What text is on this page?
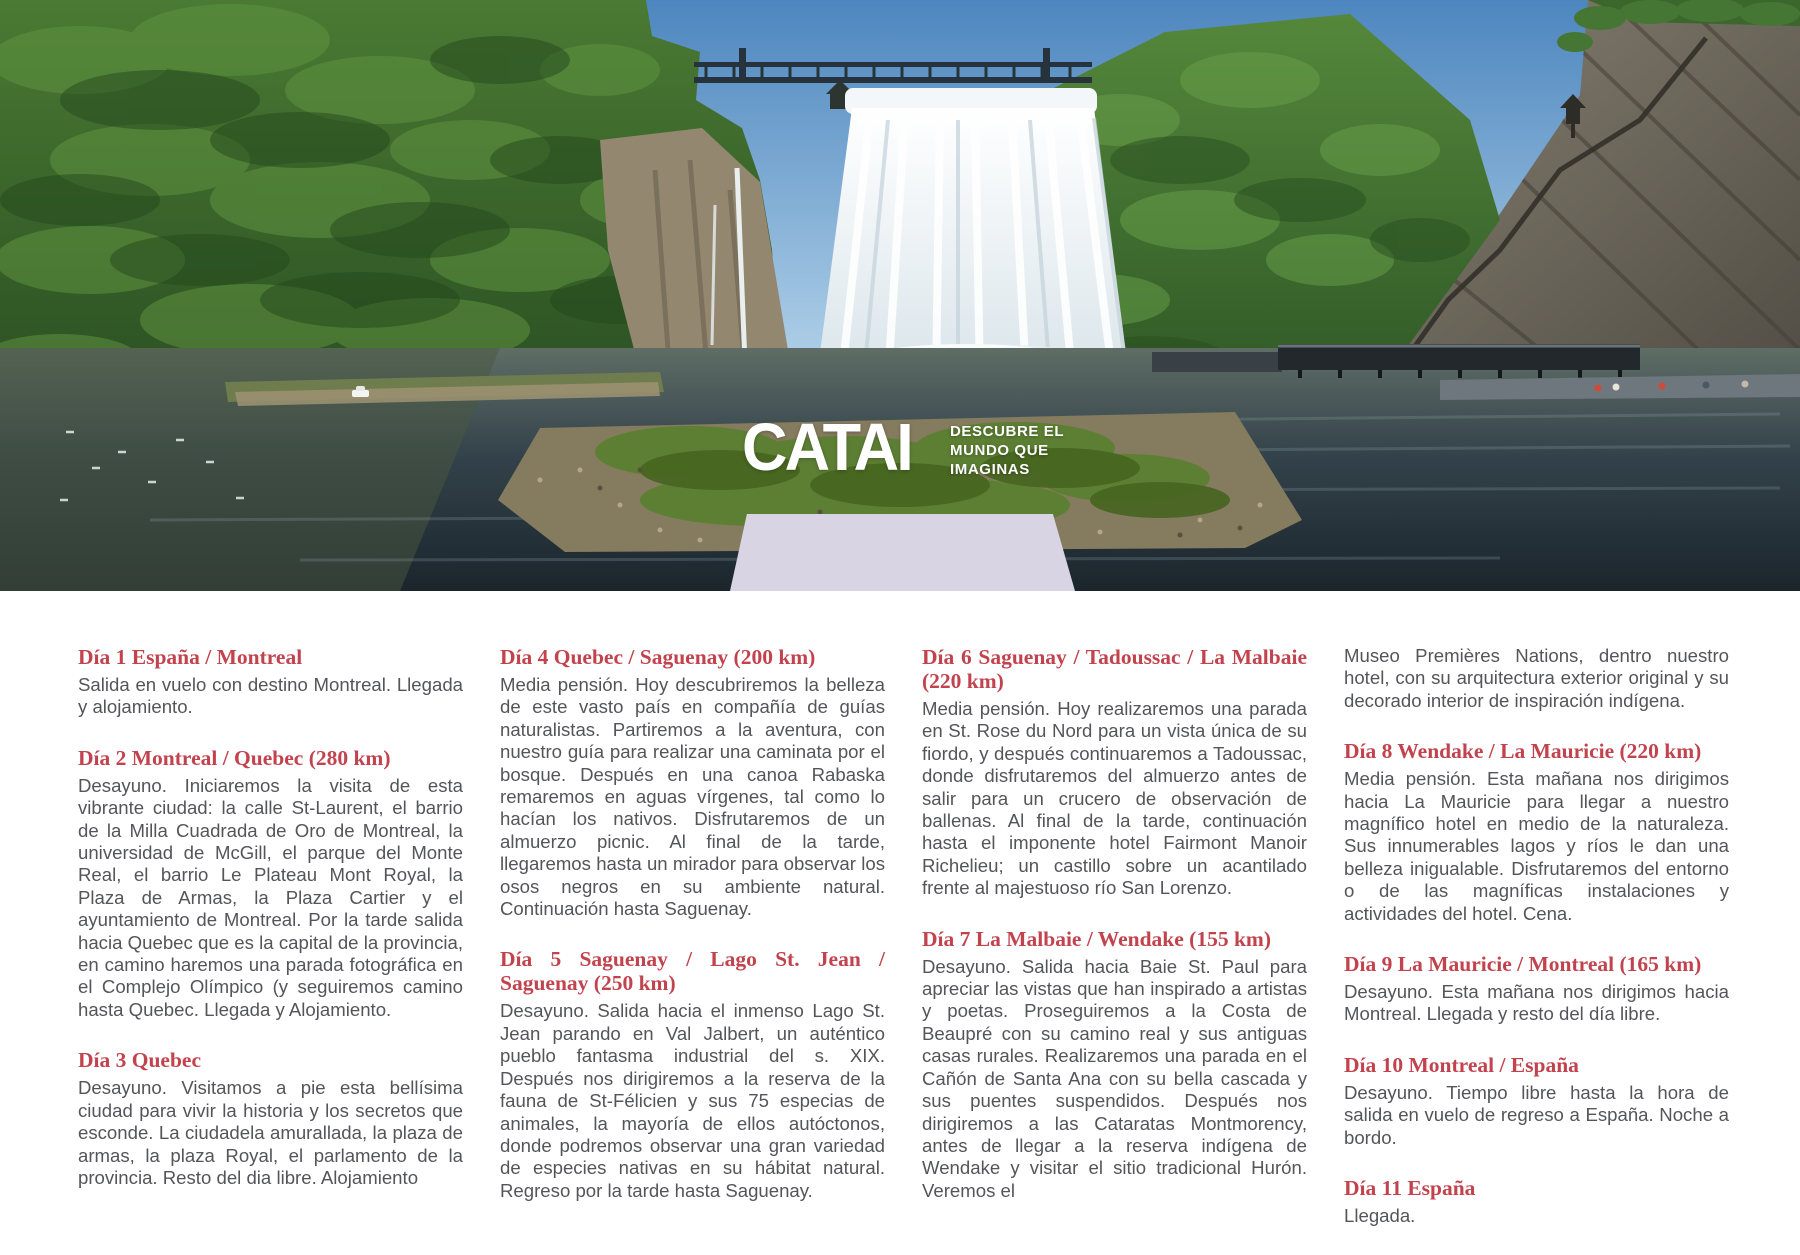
CATAI	DESCUBRE EL
MUNDO QUE
IMAGINAS
Día 1 España / Montreal

Salida en vuelo con destino Montreal. Llegada y alojamiento.

Día 2 Montreal / Quebec (280 km)

Desayuno. Iniciaremos la visita de esta vibrante ciudad: la calle St-Laurent, el barrio de la Milla Cuadrada de Oro de Montreal, la universidad de McGill, el parque del Monte Real, el barrio Le Plateau Mont Royal, la Plaza de Armas, la Plaza Cartier y el ayuntamiento de Montreal. Por la tarde salida hacia Quebec que es la capital de la provincia, en camino haremos una parada fotográfica en el Complejo Olímpico (y seguiremos camino hasta Quebec. Llegada y Alojamiento.

Día 3 Quebec

Desayuno. Visitamos a pie esta bellísima ciudad para vivir la historia y los secretos que esconde. La ciudadela amurallada, la plaza de armas, la plaza Royal, el parlamento de la provincia. Resto del dia libre. Alojamiento

Día 4 Quebec / Saguenay (200 km)

Media pensión. Hoy descubriremos la belleza de este vasto país en compañía de guías naturalistas. Partiremos a la aventura, con nuestro guía para realizar una caminata por el bosque. Después en una canoa Rabaska remaremos en aguas vírgenes, tal como lo hacían los nativos. Disfrutaremos de un almuerzo picnic. Al final de la tarde, llegaremos hasta un mirador para observar los osos negros en su ambiente natural. Continuación hasta Saguenay.

Día 5 Saguenay / Lago St. Jean / Saguenay (250 km)

Desayuno. Salida hacia el inmenso Lago St. Jean parando en Val Jalbert, un auténtico pueblo fantasma industrial del s. XIX. Después nos dirigiremos a la reserva de la fauna de St-Félicien y sus 75 especias de animales, la mayoría de ellos autóctonos, donde podremos observar una gran variedad de especies nativas en su hábitat natural. Regreso por la tarde hasta Saguenay.

Día 6 Saguenay / Tadoussac / La Malbaie (220 km)

Media pensión. Hoy realizaremos una parada en St. Rose du Nord para un vista única de su fiordo, y después continuaremos a Tadoussac, donde disfrutaremos del almuerzo antes de salir para un crucero de observación de ballenas. Al final de la tarde, continuación hasta el imponente hotel Fairmont Manoir Richelieu; un castillo sobre un acantilado frente al majestuoso río San Lorenzo.

Día 7 La Malbaie / Wendake (155 km)

Desayuno. Salida hacia Baie St. Paul para apreciar las vistas que han inspirado a artistas y poetas. Proseguiremos a la Costa de Beaupré con su camino real y sus antiguas casas rurales. Realizaremos una parada en el Cañón de Santa Ana con su bella cascada y sus puentes suspendidos. Después nos dirigiremos a las Cataratas Montmorency, antes de llegar a la reserva indígena de Wendake y visitar el sitio tradicional Hurón. Veremos el

Museo Premières Nations, dentro nuestro hotel, con su arquitectura exterior original y su decorado interior de inspiración indígena.

Día 8 Wendake / La Mauricie (220 km)

Media pensión. Esta mañana nos dirigimos hacia La Mauricie para llegar a nuestro magnífico hotel en medio de la naturaleza. Sus innumerables lagos y ríos le dan una belleza inigualable. Disfrutaremos del entorno o de las magníficas instalaciones y actividades del hotel. Cena.

Día 9 La Mauricie / Montreal (165 km)

Desayuno. Esta mañana nos dirigimos hacia Montreal. Llegada y resto del día libre.

Día 10 Montreal / España

Desayuno. Tiempo libre hasta la hora de salida en vuelo de regreso a España. Noche a bordo.

Día 11 España

Llegada.
